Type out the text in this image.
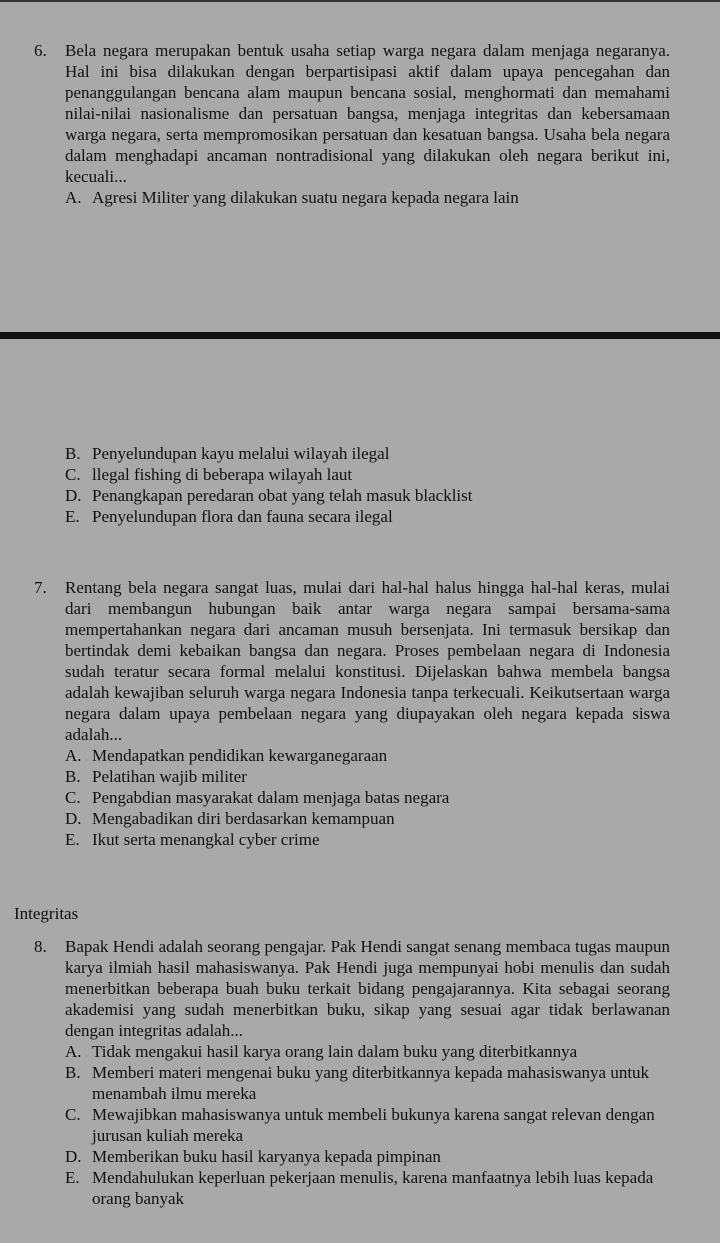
6. Bela negara merupakan bentuk usaha setiap warga negara dalam menjaga negaranya. Hal ini bisa dilakukan dengan berpartisipasi aktif dalam upaya pencegahan dan penanggulangan bencana alam maupun bencana sosial, menghormati dan memahami nilai-nilai nasionalisme dan persatuan bangsa, menjaga integritas dan kebersamaan warga negara, serta mempromosikan persatuan dan kesatuan bangsa. Usaha bela negara dalam menghadapi ancaman nontradisional yang dilakukan oleh negara berikut ini, kecuali...
A. Agresi Militer yang dilakukan suatu negara kepada negara lain
B. Penyelundupan kayu melalui wilayah ilegal
C. llegal fishing di beberapa wilayah laut
D. Penangkapan peredaran obat yang telah masuk blacklist
E. Penyelundupan flora dan fauna secara ilegal
7. Rentang bela negara sangat luas, mulai dari hal-hal halus hingga hal-hal keras, mulai dari membangun hubungan baik antar warga negara sampai bersama-sama mempertahankan negara dari ancaman musuh bersenjata. Ini termasuk bersikap dan bertindak demi kebaikan bangsa dan negara. Proses pembelaan negara di Indonesia sudah teratur secara formal melalui konstitusi. Dijelaskan bahwa membela bangsa adalah kewajiban seluruh warga negara Indonesia tanpa terkecuali. Keikutsertaan warga negara dalam upaya pembelaan negara yang diupayakan oleh negara kepada siswa adalah...
A. Mendapatkan pendidikan kewarganegaraan
B. Pelatihan wajib militer
C. Pengabdian masyarakat dalam menjaga batas negara
D. Mengabadikan diri berdasarkan kemampuan
E. Ikut serta menangkal cyber crime
Integritas
8. Bapak Hendi adalah seorang pengajar. Pak Hendi sangat senang membaca tugas maupun karya ilmiah hasil mahasiswanya. Pak Hendi juga mempunyai hobi menulis dan sudah menerbitkan beberapa buah buku terkait bidang pengajarannya. Kita sebagai seorang akademisi yang sudah menerbitkan buku, sikap yang sesuai agar tidak berlawanan dengan integritas adalah...
A. Tidak mengakui hasil karya orang lain dalam buku yang diterbitkannya
B. Memberi materi mengenai buku yang diterbitkannya kepada mahasiswanya untuk menambah ilmu mereka
C. Mewajibkan mahasiswanya untuk membeli bukunya karena sangat relevan dengan jurusan kuliah mereka
D. Memberikan buku hasil karyanya kepada pimpinan
E. Mendahulukan keperluan pekerjaan menulis, karena manfaatnya lebih luas kepada orang banyak
